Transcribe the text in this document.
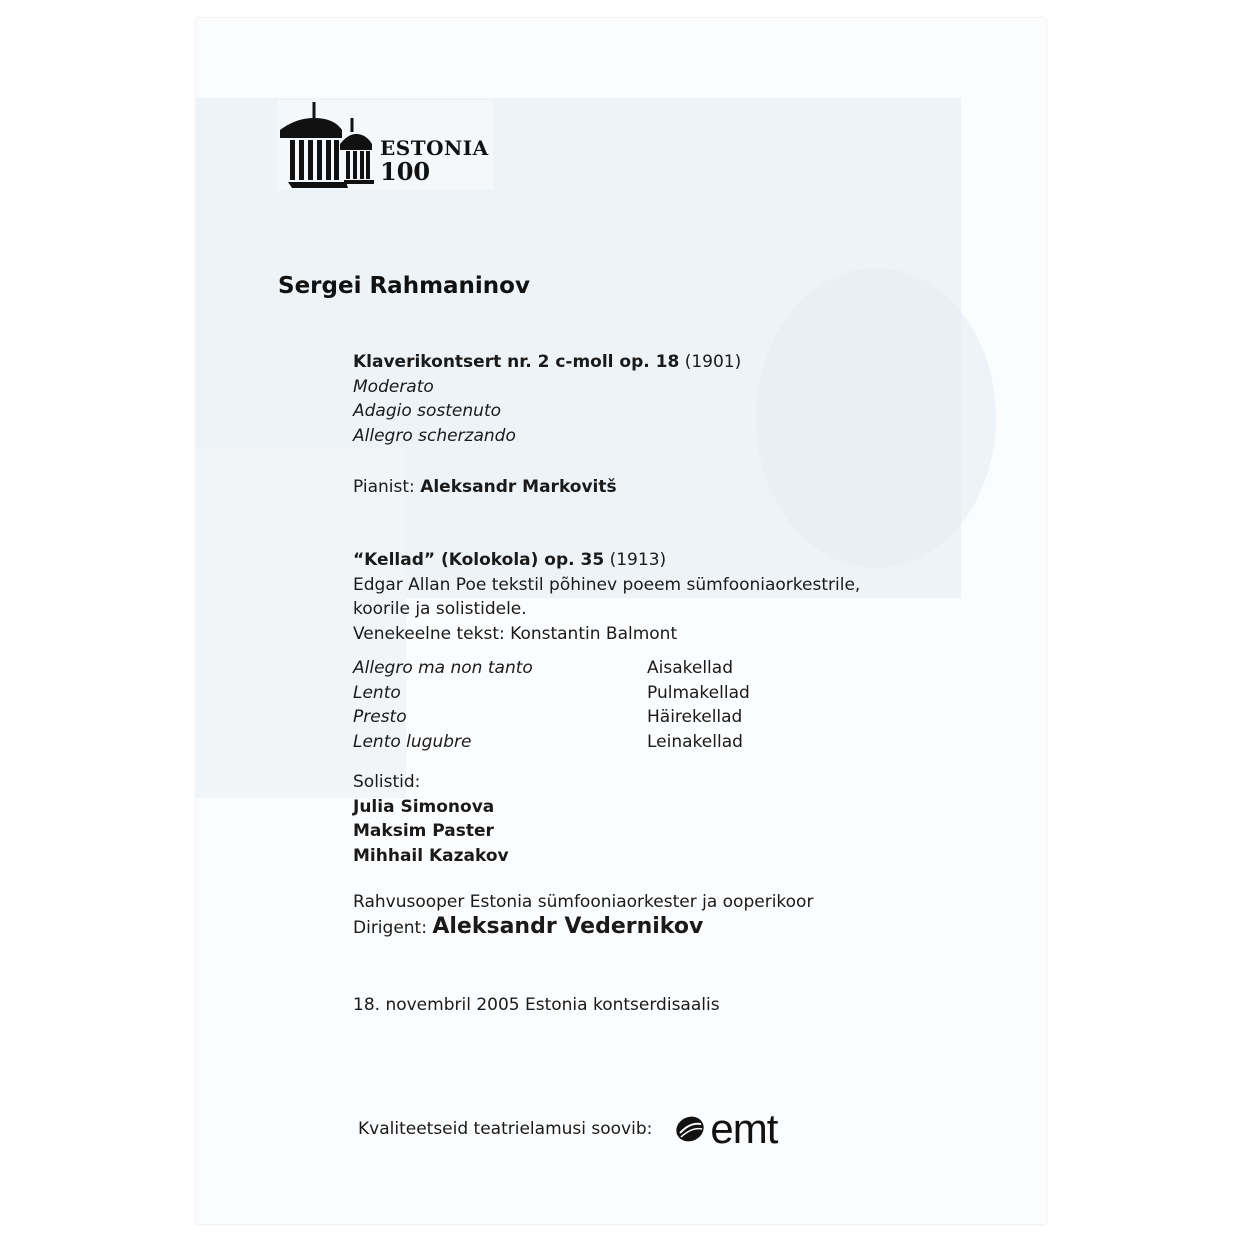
ESTONIA
100
Sergei Rahmaninov
Klaverikontsert nr. 2 c-moll op. 18 (1901)
Moderato
Adagio sostenuto
Allegro scherzando
Pianist: Aleksandr Markovitš
“Kellad” (Kolokola) op. 35 (1913)
Edgar Allan Poe tekstil põhinev poeem sümfooniaorkestrile,
koorile ja solistidele.
Venekeelne tekst: Konstantin Balmont
Allegro ma non tanto	Aisakellad
Lento	Pulmakellad
Presto	Häirekellad
Lento lugubre	Leinakellad
Solistid:
Julia Simonova
Maksim Paster
Mihhail Kazakov
Rahvusooper Estonia sümfooniaorkester ja ooperikoor
Dirigent: Aleksandr Vedernikov
18. novembril 2005 Estonia kontserdisaalis
Kvaliteetseid teatrielamusi soovib: emt
